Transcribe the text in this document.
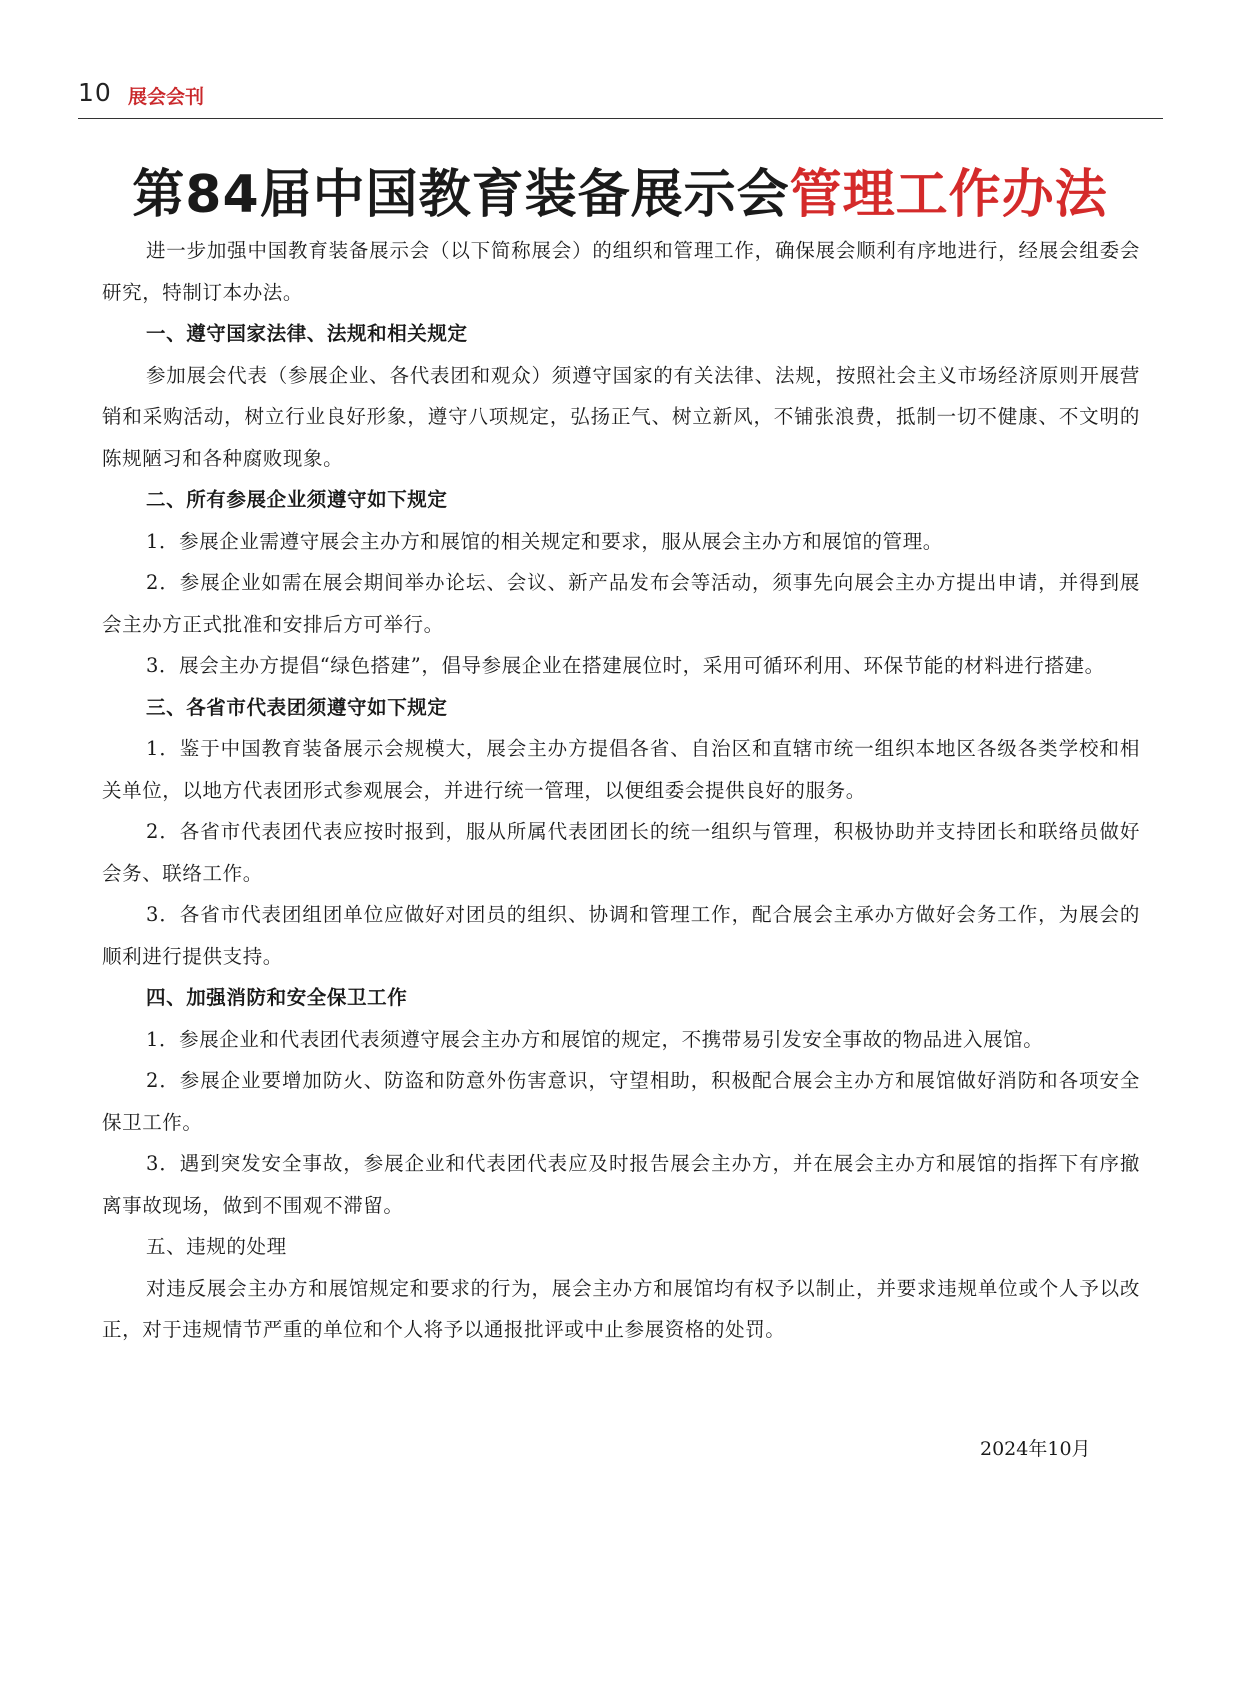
10 展会会刊
第84届中国教育装备展示会管理工作办法

进一步加强中国教育装备展示会（以下简称展会）的组织和管理工作，确保展会顺利有序地进行，经展会组委会研究，特制订本办法。

一、遵守国家法律、法规和相关规定

参加展会代表（参展企业、各代表团和观众）须遵守国家的有关法律、法规，按照社会主义市场经济原则开展营销和采购活动，树立行业良好形象，遵守八项规定，弘扬正气、树立新风，不铺张浪费，抵制一切不健康、不文明的陈规陋习和各种腐败现象。

二、所有参展企业须遵守如下规定

1．参展企业需遵守展会主办方和展馆的相关规定和要求，服从展会主办方和展馆的管理。

2．参展企业如需在展会期间举办论坛、会议、新产品发布会等活动，须事先向展会主办方提出申请，并得到展会主办方正式批准和安排后方可举行。

3．展会主办方提倡“绿色搭建”，倡导参展企业在搭建展位时，采用可循环利用、环保节能的材料进行搭建。

三、各省市代表团须遵守如下规定

1．鉴于中国教育装备展示会规模大，展会主办方提倡各省、自治区和直辖市统一组织本地区各级各类学校和相关单位，以地方代表团形式参观展会，并进行统一管理，以便组委会提供良好的服务。

2．各省市代表团代表应按时报到，服从所属代表团团长的统一组织与管理，积极协助并支持团长和联络员做好会务、联络工作。

3．各省市代表团组团单位应做好对团员的组织、协调和管理工作，配合展会主承办方做好会务工作，为展会的顺利进行提供支持。

四、加强消防和安全保卫工作

1．参展企业和代表团代表须遵守展会主办方和展馆的规定，不携带易引发安全事故的物品进入展馆。

2．参展企业要增加防火、防盗和防意外伤害意识，守望相助，积极配合展会主办方和展馆做好消防和各项安全保卫工作。

3．遇到突发安全事故，参展企业和代表团代表应及时报告展会主办方，并在展会主办方和展馆的指挥下有序撤离事故现场，做到不围观不滞留。

五、违规的处理

对违反展会主办方和展馆规定和要求的行为，展会主办方和展馆均有权予以制止，并要求违规单位或个人予以改正，对于违规情节严重的单位和个人将予以通报批评或中止参展资格的处罚。

2024年10月
